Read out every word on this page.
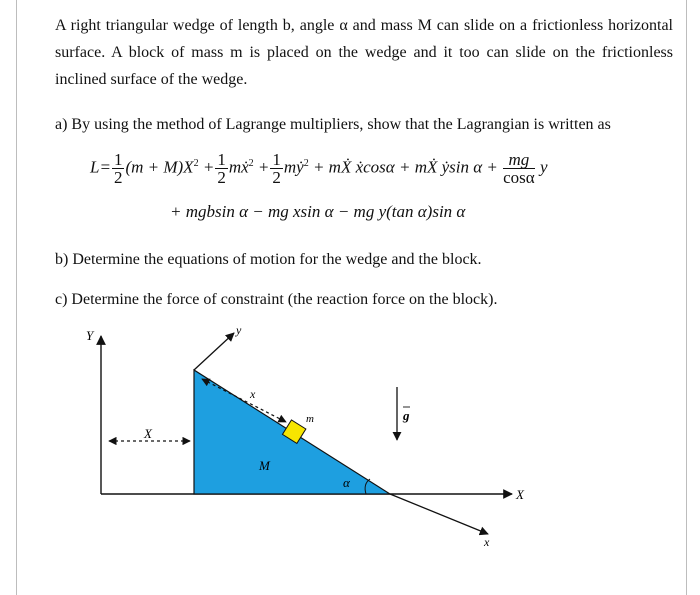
A right triangular wedge of length b, angle α and mass M can slide on a frictionless horizontal surface. A block of mass m is placed on the wedge and it too can slide on the frictionless inclined surface of the wedge.
a) By using the method of Lagrange multipliers, show that the Lagrangian is written as
$L= \frac{1}{2} (m + M)X^2 + \frac{1}{2}$ mẋ$^2$ + $\frac{1}{2}$ mẏ$^2$ + mẊ ẋcosα + mẊ ẏsin $\alpha + \frac{mg}{\cos\alpha}$ y
+ mgbsin α − mg xsin α − mg y(tan α)sin α
b) Determine the equations of motion for the wedge and the block.
c) Determine the force of constraint (the reaction force on the block).
Y
X
X
M
α
y
x
x
m	g
